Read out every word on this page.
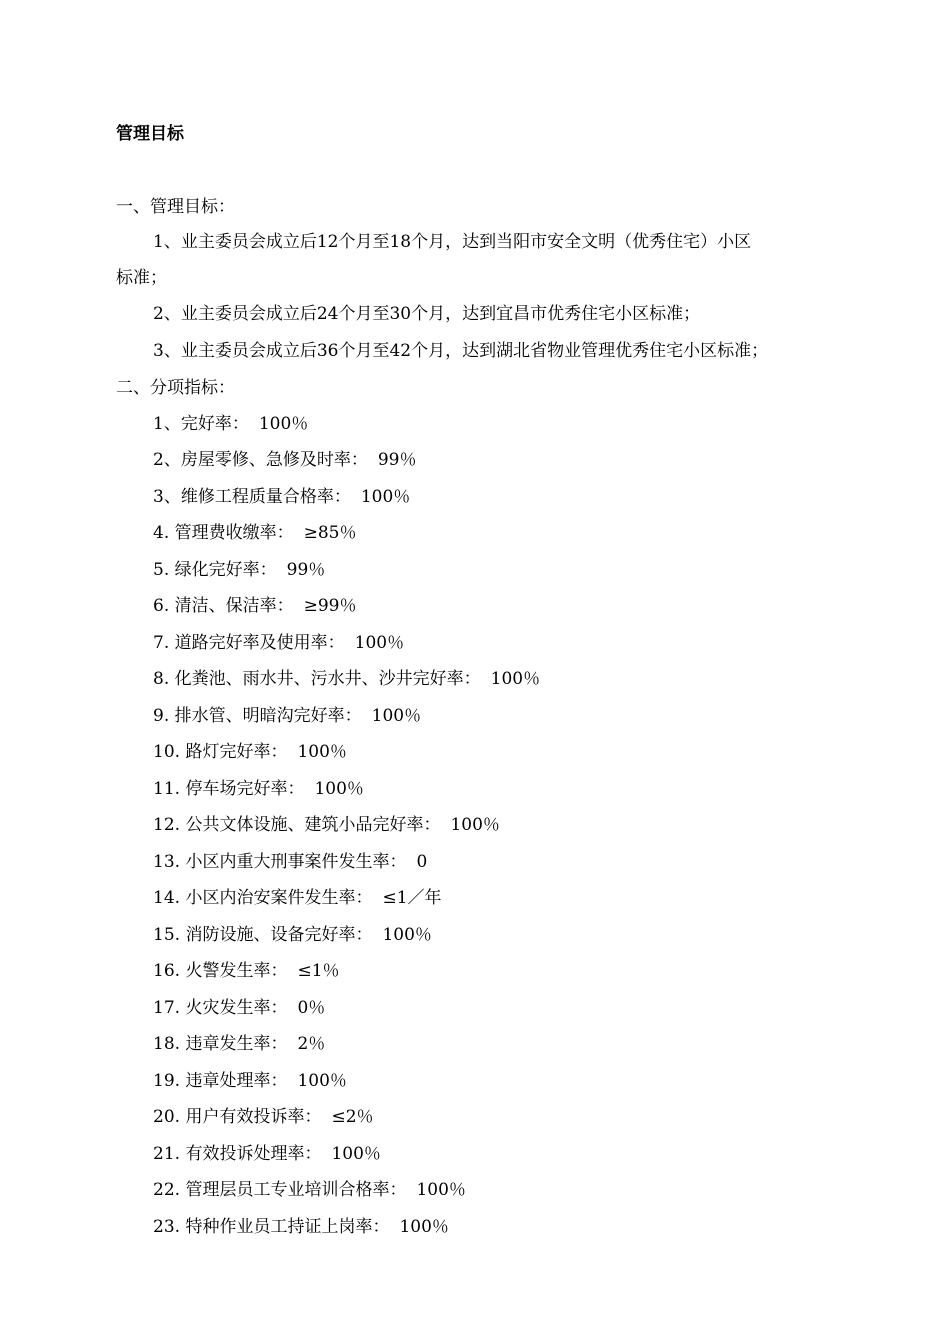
管理目标

一、管理目标：

1、业主委员会成立后12个月至18个月，达到当阳市安全文明（优秀住宅）小区

标准；

2、业主委员会成立后24个月至30个月，达到宜昌市优秀住宅小区标准；

3、业主委员会成立后36个月至42个月，达到湖北省物业管理优秀住宅小区标准；

二、分项指标：

1、完好率： 100％

2、房屋零修、急修及时率： 99％

3、维修工程质量合格率： 100％

4. 管理费收缴率： ≥85％

5. 绿化完好率： 99％

6. 清洁、保洁率： ≥99％

7. 道路完好率及使用率： 100％

8. 化粪池、雨水井、污水井、沙井完好率： 100％

9. 排水管、明暗沟完好率： 100％

10. 路灯完好率： 100％

11. 停车场完好率： 100％

12. 公共文体设施、建筑小品完好率： 100％

13. 小区内重大刑事案件发生率： 0

14. 小区内治安案件发生率： ≤1／年

15. 消防设施、设备完好率： 100％

16. 火警发生率： ≤1％

17. 火灾发生率： 0％

18. 违章发生率： 2％

19. 违章处理率： 100％

20. 用户有效投诉率： ≤2％

21. 有效投诉处理率： 100％

22. 管理层员工专业培训合格率： 100％

23. 特种作业员工持证上岗率： 100％
